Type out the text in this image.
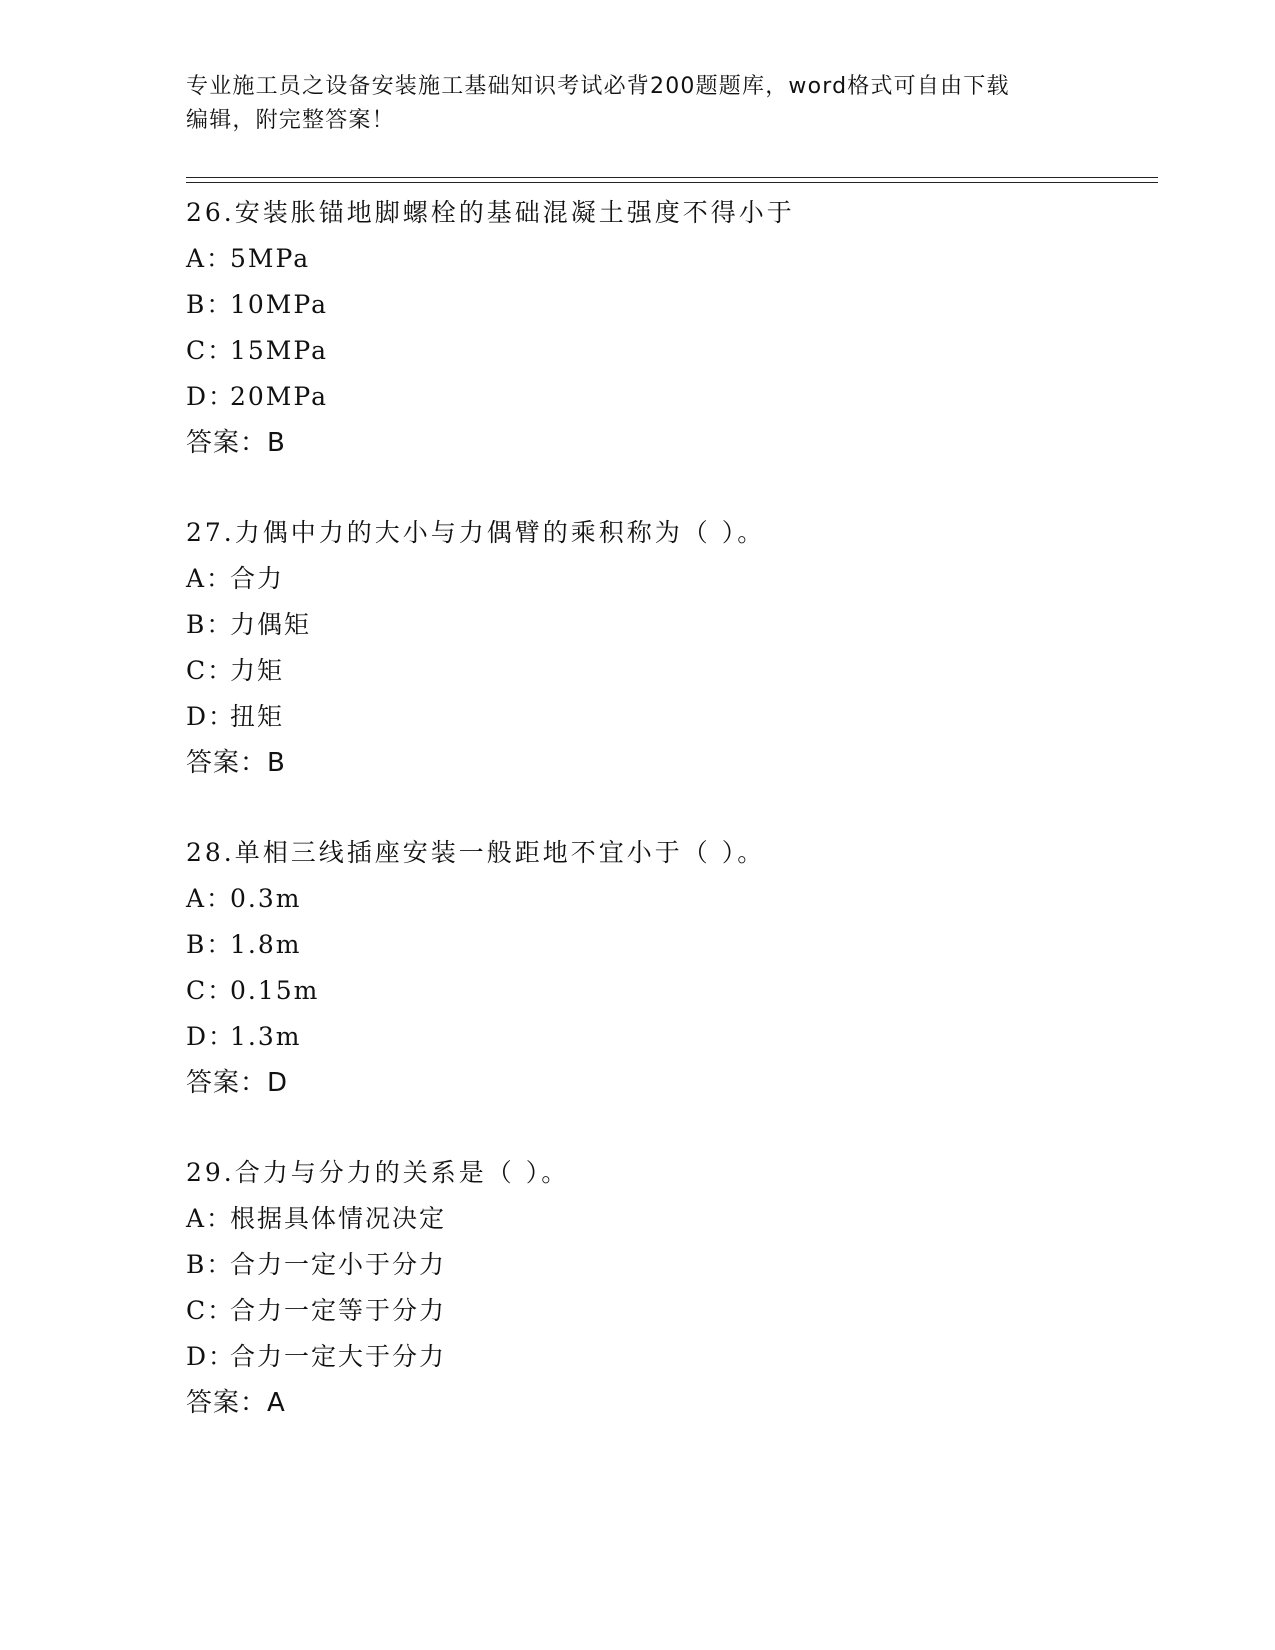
专业施工员之设备安装施工基础知识考试必背200题题库，word格式可自由下载
编辑，附完整答案！
26.安装胀锚地脚螺栓的基础混凝土强度不得小于
A：5MPa
B：10MPa
C：15MPa
D：20MPa
答案：B
27.力偶中力的大小与力偶臂的乘积称为（ ）。
A：合力
B：力偶矩
C：力矩
D：扭矩
答案：B
28.单相三线插座安装一般距地不宜小于（ ）。
A：0.3m
B：1.8m
C：0.15m
D：1.3m
答案：D
29.合力与分力的关系是（ ）。
A：根据具体情况决定
B：合力一定小于分力
C：合力一定等于分力
D：合力一定大于分力
答案：A
